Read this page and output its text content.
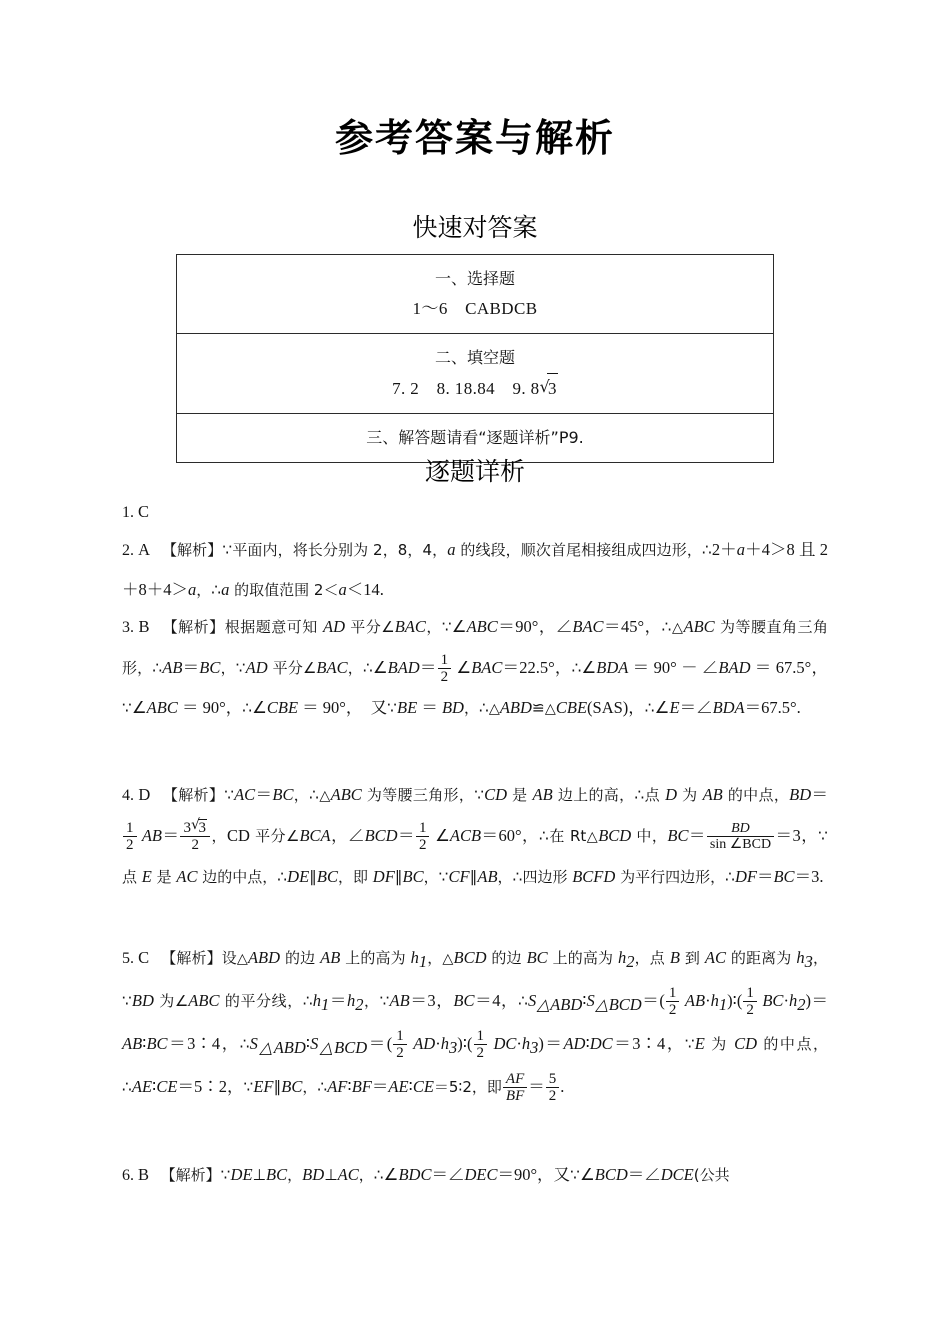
参考答案与解析
快速对答案
一、选择题
1～6　CABDCB

二、填空题
7. 2　8. 18.84　9. 8 √ 3

三、解答题请看“逐题详析”P9.
逐题详析
1. C
2. A 【解析】∵平面内，将长分别为 2，8，4，a 的线段，顺次首尾相接组成四边形，∴2＋a＋4＞8 且 2＋8＋4＞a，∴a 的取值范围 2＜a＜14.
3. B 【解析】根据题意可知 AD 平分∠BAC，∵∠ABC＝90°，∠BAC＝45°，∴△ABC 为等腰直角三角形，∴AB＝BC，∵AD 平分∠BAC，∴∠BAD＝ $\frac{1}{2}$ ∠BAC＝22.5°，∴∠BDA ＝ 90° － ∠BAD ＝ 67.5°，∵∠ABC ＝ 90°，∴∠CBE ＝ 90°，　又∵BE ＝ BD，∴△ABD≌△CBE(SAS)，∴∠E＝∠BDA＝67.5°.
4. D 【解析】∵AC＝BC，∴△ABC 为等腰三角形，∵CD 是 AB 边上的高，∴点 D 为 AB 的中点，BD＝
$\frac{1}{2} AB= \frac{3 √ 3}{2}$ ，CD 平分∠BCA，∠BCD＝ $\frac{1}{2}$ ∠ACB＝60°，∴在 Rt△BCD 中，$BC= \frac{BD}{\text{sin ∠BCD}} =3$，∵点 E 是 AC 边的中点，∴DE∥BC，即 DF∥BC，∵CF∥AB，∴四边形 BCFD 为平行四边形，∴DF＝BC＝3.
5. C 【解析】设△ABD 的边 AB 上的高为 $h_1$，△BCD 的边 BC 上的高为 $h_2$，点 B 到 AC 的距离为 $h_3$，∵BD 为∠ABC 的平分线，$\therefore h_1=h_2$，∵AB＝3，BC＝4，$\therefore S_{\triangle ABD}∶S_{\triangle BCD}=( \frac{1}{2}$ $AB\cdot h_1)∶( \frac{1}{2}$ $BC\cdot h_2)=AB∶BC=3∶4$，$\therefore S_{\triangle ABD}∶S_{\triangle BCD}=( \frac{1}{2}$ $AD\cdot h_3)∶( \frac{1}{2}$ $DC\cdot h_3)=AD∶DC=3∶4$，∵E 为 CD 的中点，∴AE∶CE＝5∶2，∵EF∥BC，∴AF∶BF＝AE∶CE＝5∶2，即 $\frac{AF}{BF} = \frac{5}{2}$ .
6. B 【解析】∵DE⊥BC，BD⊥AC，∴∠BDC＝∠DEC＝90°，又∵∠BCD＝∠DCE(公共
